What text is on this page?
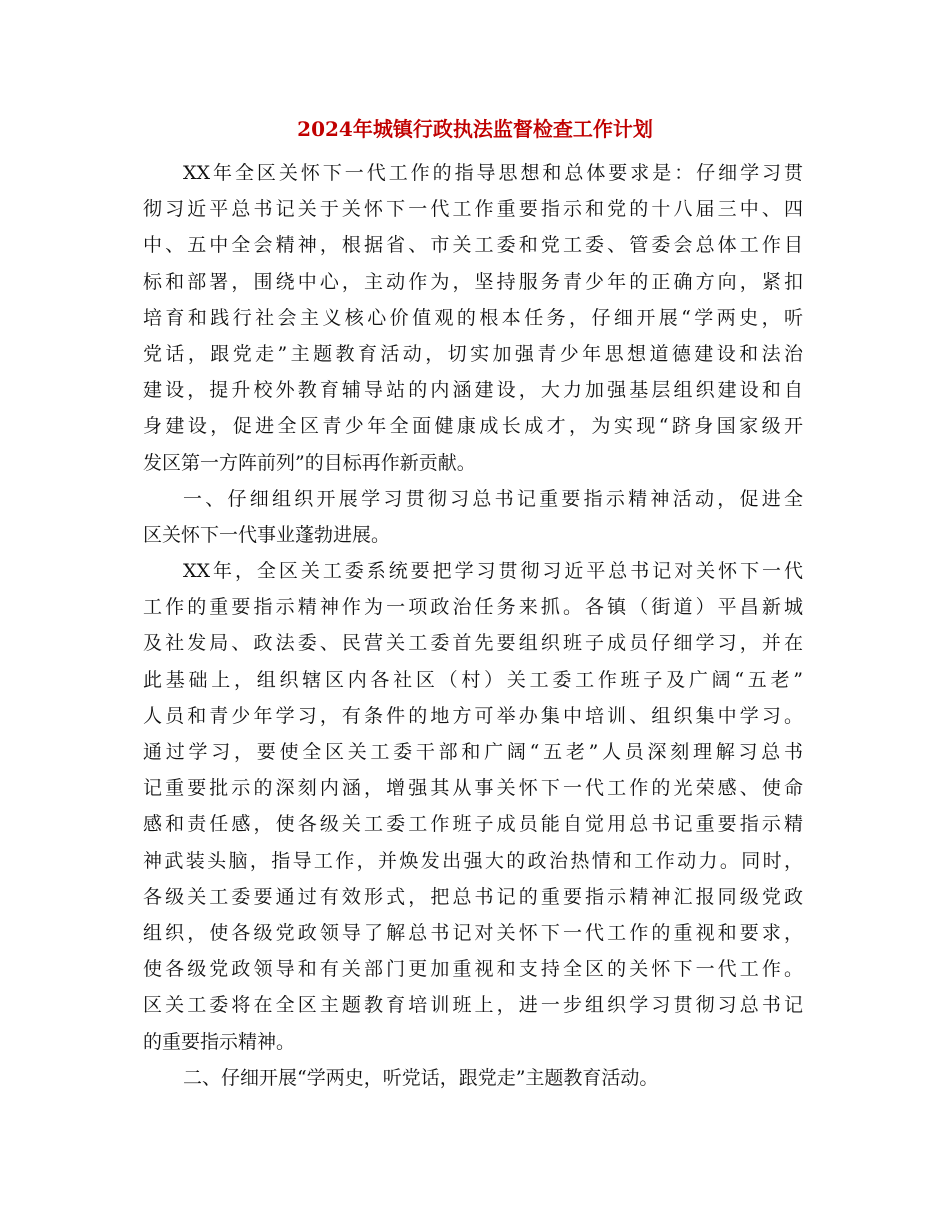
2024年城镇行政执法监督检查工作计划
XX年全区关怀下一代工作的指导思想和总体要求是：仔细学习贯
彻习近平总书记关于关怀下一代工作重要指示和党的十八届三中、四
中、五中全会精神，根据省、市关工委和党工委、管委会总体工作目
标和部署，围绕中心，主动作为，坚持服务青少年的正确方向，紧扣
培育和践行社会主义核心价值观的根本任务，仔细开展“学两史，听
党话，跟党走”主题教育活动，切实加强青少年思想道德建设和法治
建设，提升校外教育辅导站的内涵建设，大力加强基层组织建设和自
身建设，促进全区青少年全面健康成长成才，为实现“跻身国家级开
发区第一方阵前列”的目标再作新贡献。
一、仔细组织开展学习贯彻习总书记重要指示精神活动，促进全
区关怀下一代事业蓬勃进展。
XX年，全区关工委系统要把学习贯彻习近平总书记对关怀下一代
工作的重要指示精神作为一项政治任务来抓。各镇（街道）平昌新城
及社发局、政法委、民营关工委首先要组织班子成员仔细学习，并在
此基础上，组织辖区内各社区（村）关工委工作班子及广阔“五老”
人员和青少年学习，有条件的地方可举办集中培训、组织集中学习。
通过学习，要使全区关工委干部和广阔“五老”人员深刻理解习总书
记重要批示的深刻内涵，增强其从事关怀下一代工作的光荣感、使命
感和责任感，使各级关工委工作班子成员能自觉用总书记重要指示精
神武装头脑，指导工作，并焕发出强大的政治热情和工作动力。同时，
各级关工委要通过有效形式，把总书记的重要指示精神汇报同级党政
组织，使各级党政领导了解总书记对关怀下一代工作的重视和要求，
使各级党政领导和有关部门更加重视和支持全区的关怀下一代工作。
区关工委将在全区主题教育培训班上，进一步组织学习贯彻习总书记
的重要指示精神。
二、仔细开展“学两史，听党话，跟党走”主题教育活动。
